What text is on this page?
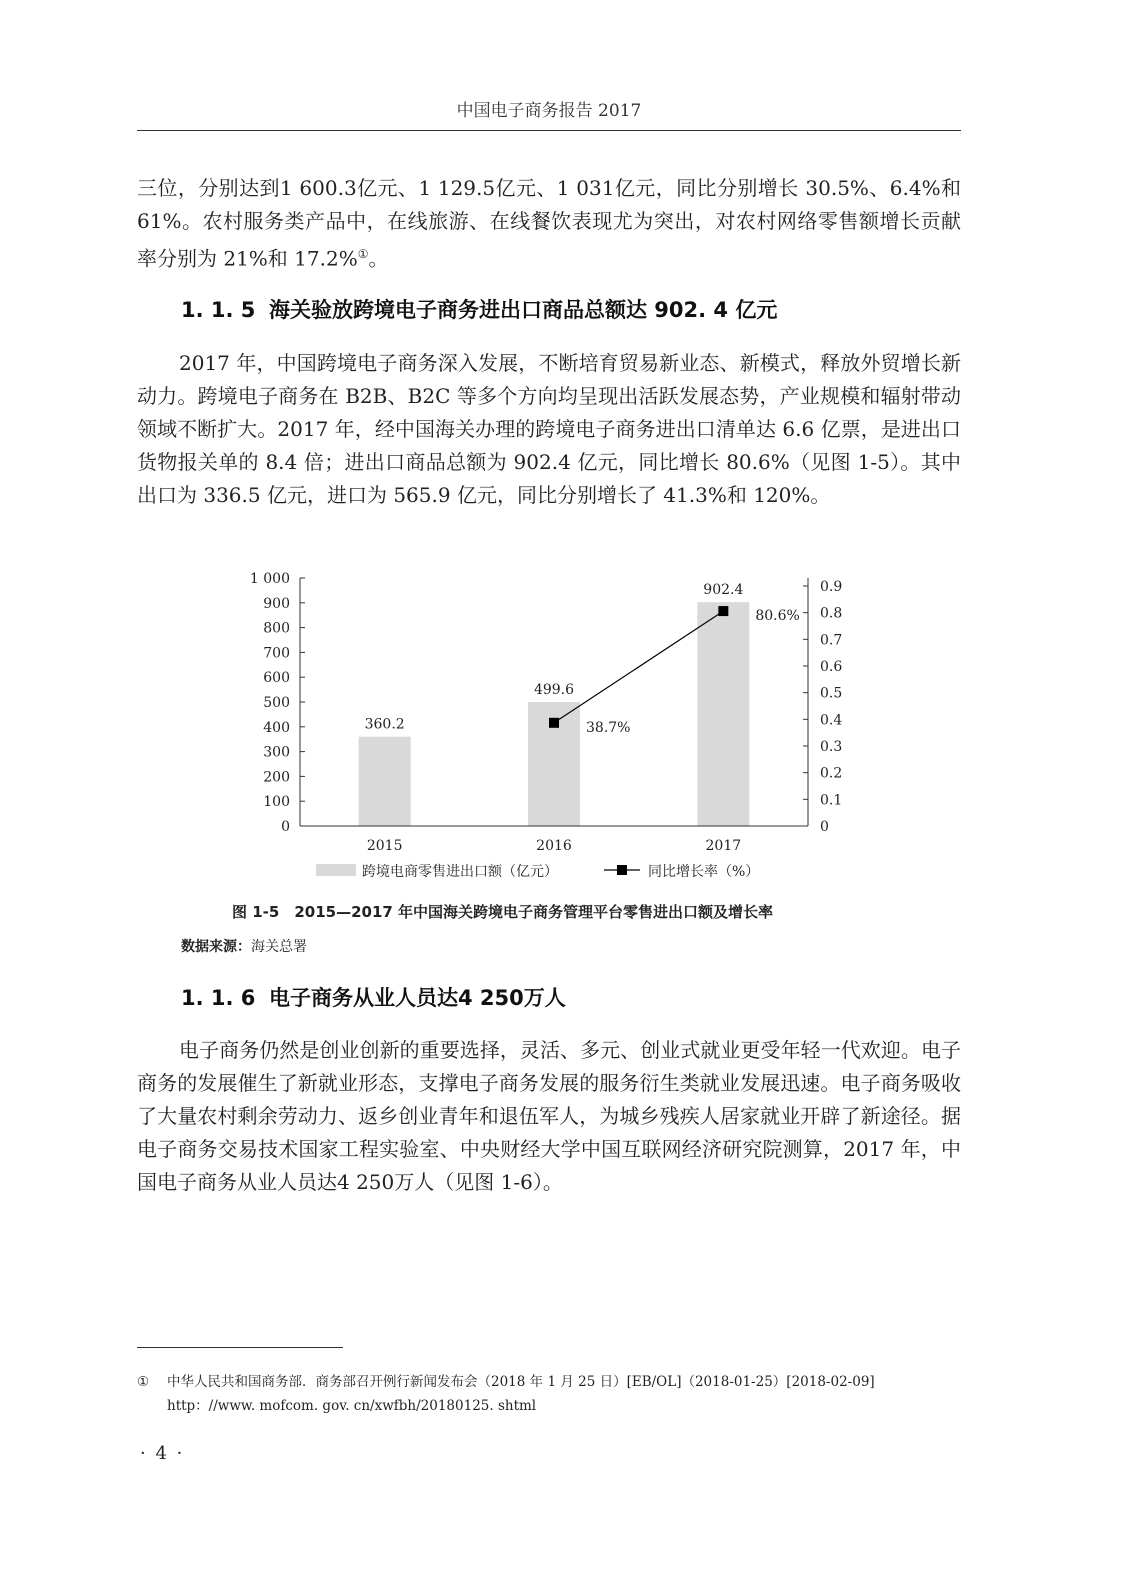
中国电子商务报告 2017

三位，分别达到1 600.3亿元、1 129.5亿元、1 031亿元，同比分别增长 30.5%、6.4%和 61%。农村服务类产品中，在线旅游、在线餐饮表现尤为突出，对农村网络零售额增长贡献率分别为 21%和 17.2%①。

1. 1. 5 海关验放跨境电子商务进出口商品总额达 902. 4 亿元

2017 年，中国跨境电子商务深入发展，不断培育贸易新业态、新模式，释放外贸增长新动力。跨境电子商务在 B2B、B2C 等多个方向均呈现出活跃发展态势，产业规模和辐射带动领域不断扩大。2017 年，经中国海关办理的跨境电子商务进出口清单达 6.6 亿票，是进出口货物报关单的 8.4 倍；进出口商品总额为 902.4 亿元，同比增长 80.6%（见图 1-5）。其中出口为 336.5 亿元，进口为 565.9 亿元，同比分别增长了 41.3%和 120%。

360.2
499.6
902.4
0
100
200
300
400
500
600
700
800
900
1 000
0
0.1
0.2
0.3
0.4
0.5
0.6
0.7
0.8
0.9
2015	2016	2017
38.7%
80.6%
跨境电商零售进出口额（亿元）	同比增长率（%）

图 1-5　2015—2017 年中国海关跨境电子商务管理平台零售进出口额及增长率

数据来源：海关总署

1. 1. 6 电子商务从业人员达4 250万人

电子商务仍然是创业创新的重要选择，灵活、多元、创业式就业更受年轻一代欢迎。电子商务的发展催生了新就业形态，支撑电子商务发展的服务衍生类就业发展迅速。电子商务吸收了大量农村剩余劳动力、返乡创业青年和退伍军人，为城乡残疾人居家就业开辟了新途径。据电子商务交易技术国家工程实验室、中央财经大学中国互联网经济研究院测算，2017 年，中国电子商务从业人员达4 250万人（见图 1-6）。

① 中华人民共和国商务部．商务部召开例行新闻发布会（2018 年 1 月 25 日）[EB/OL]（2018-01-25）[2018-02-09]
http：//www. mofcom. gov. cn/xwfbh/20180125. shtml

· 4 ·
